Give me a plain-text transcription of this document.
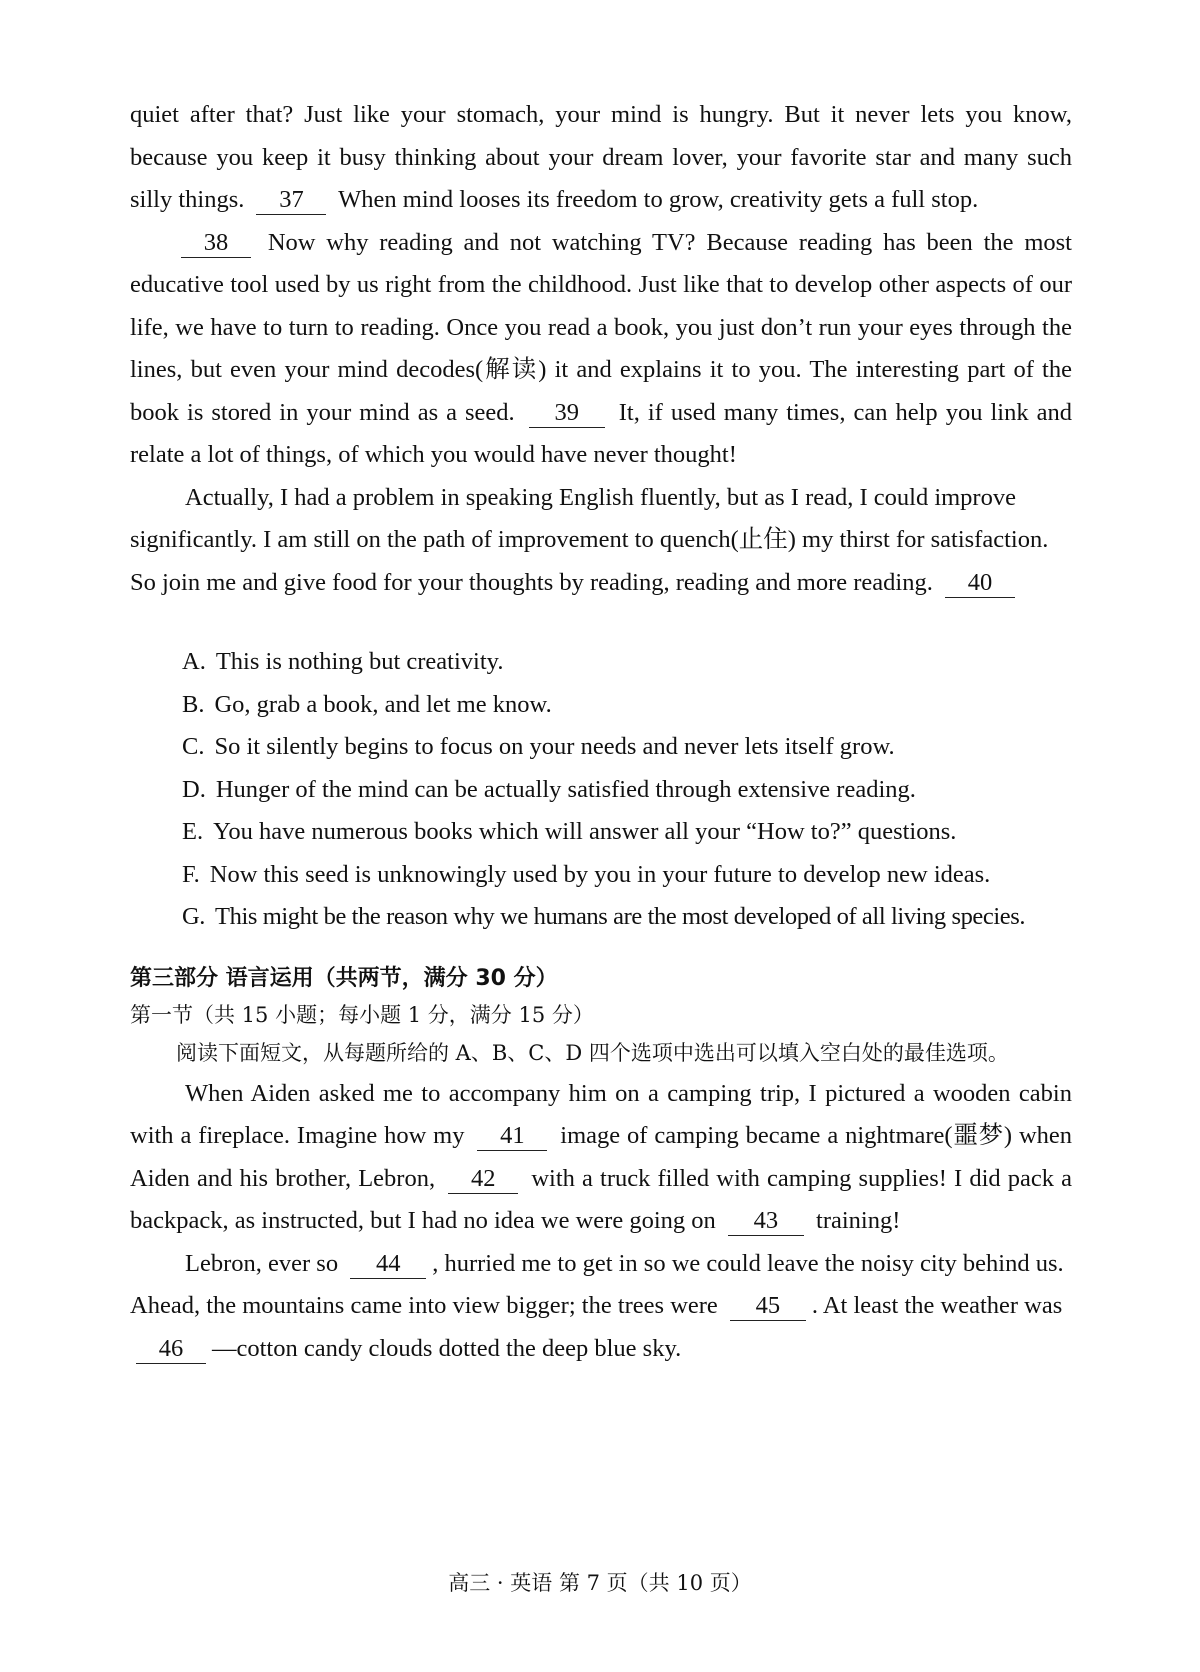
quiet after that? Just like your stomach, your mind is hungry. But it never lets you know, because you keep it busy thinking about your dream lover, your favorite star and many such silly things. 37 When mind looses its freedom to grow, creativity gets a full stop.

38 Now why reading and not watching TV? Because reading has been the most educative tool used by us right from the childhood. Just like that to develop other aspects of our life, we have to turn to reading. Once you read a book, you just don’t run your eyes through the lines, but even your mind decodes(解读) it and explains it to you. The interesting part of the book is stored in your mind as a seed. 39 It, if used many times, can help you link and relate a lot of things, of which you would have never thought!

Actually, I had a problem in speaking English fluently, but as I read, I could improve significantly. I am still on the path of improvement to quench(止住) my thirst for satisfaction. So join me and give food for your thoughts by reading, reading and more reading. 40

A. This is nothing but creativity.

B. Go, grab a book, and let me know.

C. So it silently begins to focus on your needs and never lets itself grow.

D. Hunger of the mind can be actually satisfied through extensive reading.

E. You have numerous books which will answer all your “How to?” questions.

F. Now this seed is unknowingly used by you in your future to develop new ideas.

G. This might be the reason why we humans are the most developed of all living species.

第三部分 语言运用（共两节，满分 30 分）
第一节（共 15 小题；每小题 1 分，满分 15 分）
阅读下面短文，从每题所给的 A、B、C、D 四个选项中选出可以填入空白处的最佳选项。

When Aiden asked me to accompany him on a camping trip, I pictured a wooden cabin with a fireplace. Imagine how my 41 image of camping became a nightmare(噩梦) when Aiden and his brother, Lebron, 42 with a truck filled with camping supplies! I did pack a backpack, as instructed, but I had no idea we were going on 43 training!

Lebron, ever so 44 , hurried me to get in so we could leave the noisy city behind us. Ahead, the mountains came into view bigger; the trees were 45 . At least the weather was 46 —cotton candy clouds dotted the deep blue sky.

高三 · 英语 第 7 页（共 10 页）
